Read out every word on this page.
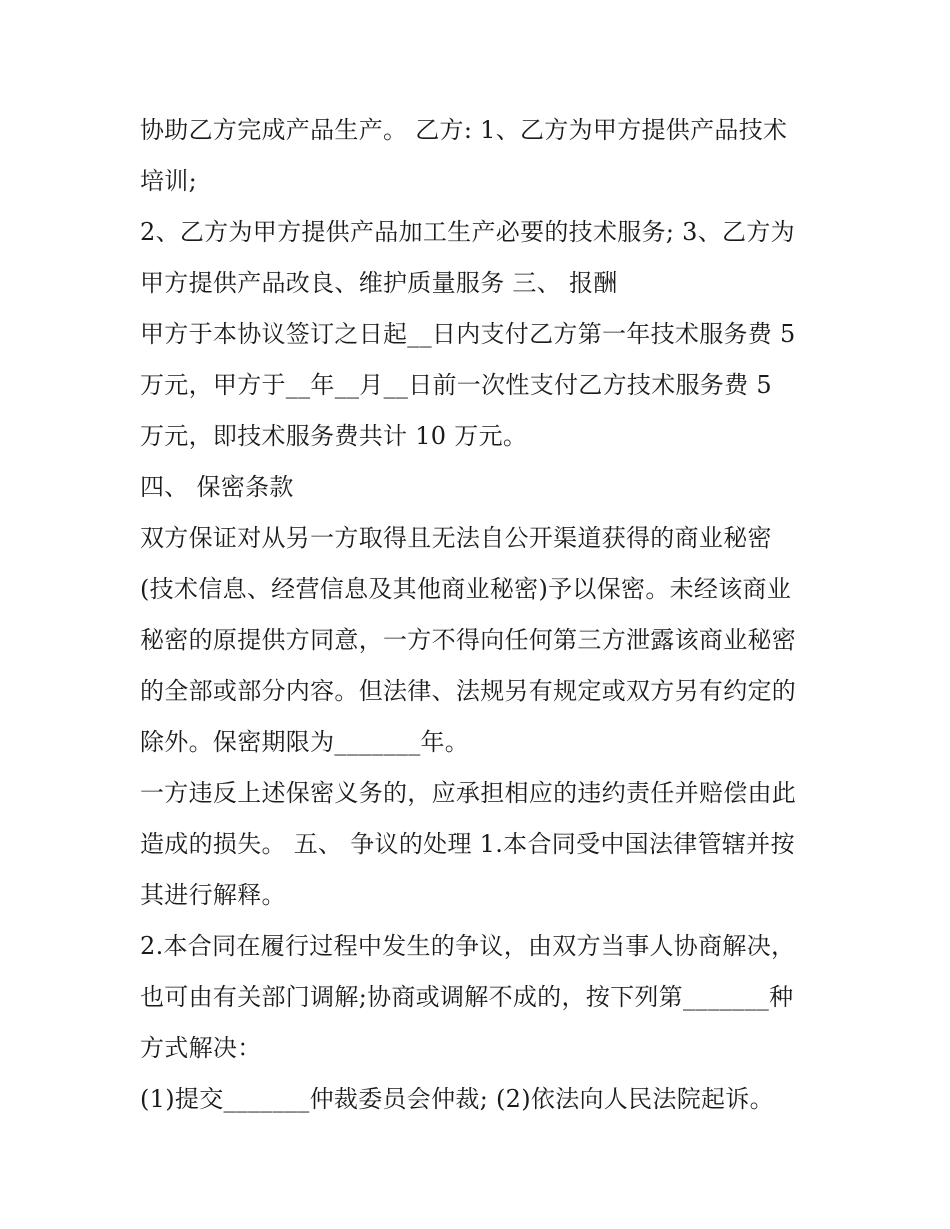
协助乙方完成产品生产。 乙方: 1、乙方为甲方提供产品技术
培训;
2、乙方为甲方提供产品加工生产必要的技术服务; 3、乙方为
甲方提供产品改良、维护质量服务 三、 报酬
甲方于本协议签订之日起__日内支付乙方第一年技术服务费 5
万元，甲方于__年__月__日前一次性支付乙方技术服务费 5
万元，即技术服务费共计 10 万元。
四、 保密条款
双方保证对从另一方取得且无法自公开渠道获得的商业秘密
(技术信息、经营信息及其他商业秘密)予以保密。未经该商业
秘密的原提供方同意，一方不得向任何第三方泄露该商业秘密
的全部或部分内容。但法律、法规另有规定或双方另有约定的
除外。保密期限为_______年。
一方违反上述保密义务的，应承担相应的违约责任并赔偿由此
造成的损失。 五、 争议的处理 1.本合同受中国法律管辖并按
其进行解释。
2.本合同在履行过程中发生的争议，由双方当事人协商解决，
也可由有关部门调解;协商或调解不成的，按下列第_______种
方式解决：
(1)提交_______仲裁委员会仲裁; (2)依法向人民法院起诉。
